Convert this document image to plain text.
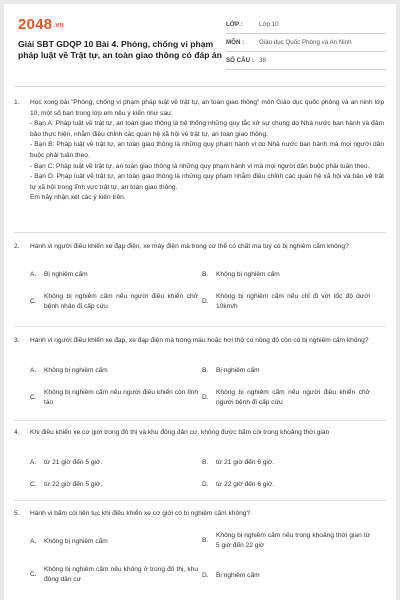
2048.vn
Giải SBT GDQP 10 Bài 4. Phòng, chống vi phạm pháp luật về Trật tự, an toàn giao thông có đáp án
LỚP :	Lớp 10
MÔN :	Giáo dục Quốc Phòng và An Ninh
SỐ CÂU : 38
1.	Học xong bài "Phòng, chống vi phạm pháp luật về trật tự, an toàn giao thông" môn Giáo dục quốc phòng và an ninh lớp 10, một số bạn trong lớp em nêu ý kiến như sau:

- Bạn A: Pháp luật về trật tự, an toàn giao thông là hệ thống những quy tắc xử sự chung do Nhà nước ban hành và đảm bảo thực hiện, nhằm điều chỉnh các quan hệ xã hội về trật tự, an toàn giao thông.

- Bạn B: Pháp luật về trật tự, an toàn giao thông là những quy phạm hành vi do Nhà nước ban hành mà mọi người dân buộc phải tuân theo.

- Bạn C: Pháp luật về trật tự, an toàn giao thông là những quy phạm hành vi mà mọi người dân buộc phải tuân theo.

- Bạn D: Pháp luật về trật tự, an toàn giao thông là những quy phạm nhằm điều chỉnh các quan hệ xã hội và bảo vệ trật tự xã hội trong lĩnh vực trật tự, an toàn giao thông.

Em hãy nhận xét các ý kiến trên.

2.	Hành vi người điều khiển xe đạp điện, xe máy điện mà trong cơ thể có chất ma tuý có bị nghiêm cấm không?
A.	Bị nghiêm cấm	B.	Không bị nghiêm cấm
C.
Không bị nghiêm cấm nếu người điều khiển chở bệnh nhân đi cấp cứu
D.
Không bị nghiêm cấm nếu chỉ đi với tốc độ dưới 10km/h
3.	Hành vi người điều khiển xe đạp, xe đạp điện mà trong máu hoặc hơi thở có nồng độ cồn có bị nghiêm cấm không?
A.	Không bị nghiêm cấm	B.	Bị nghiêm cấm
C.
Không bị nghiêm cấm nếu người điều khiển còn tỉnh táo
D.
Không bị nghiêm cấm nếu người điều khiển chở người bệnh đi cấp cứu
4.	Khi điều khiển xe cơ giới trong đô thị và khu đông dân cư, không được bấm còi trong khoảng thời gian
A.	từ 21 giờ đến 5 giờ.	B.	từ 21 giờ đến 6 giờ.
C.	từ 22 giờ đến 5 giờ.	D.	từ 22 giờ đến 6 giờ.
5.	Hành vi bấm còi liên tục khi điều khiển xe cơ giới có bị nghiêm cấm không?
A.	Không bị nghiêm cấm	B.
Không bị nghiêm cấm nếu trong khoảng thời gian từ 5 giờ đến 22 giờ
C.
Không bị nghiêm cấm nếu không ở trong đô thị, khu đông dân cư
D.	Bị nghiêm cấm
